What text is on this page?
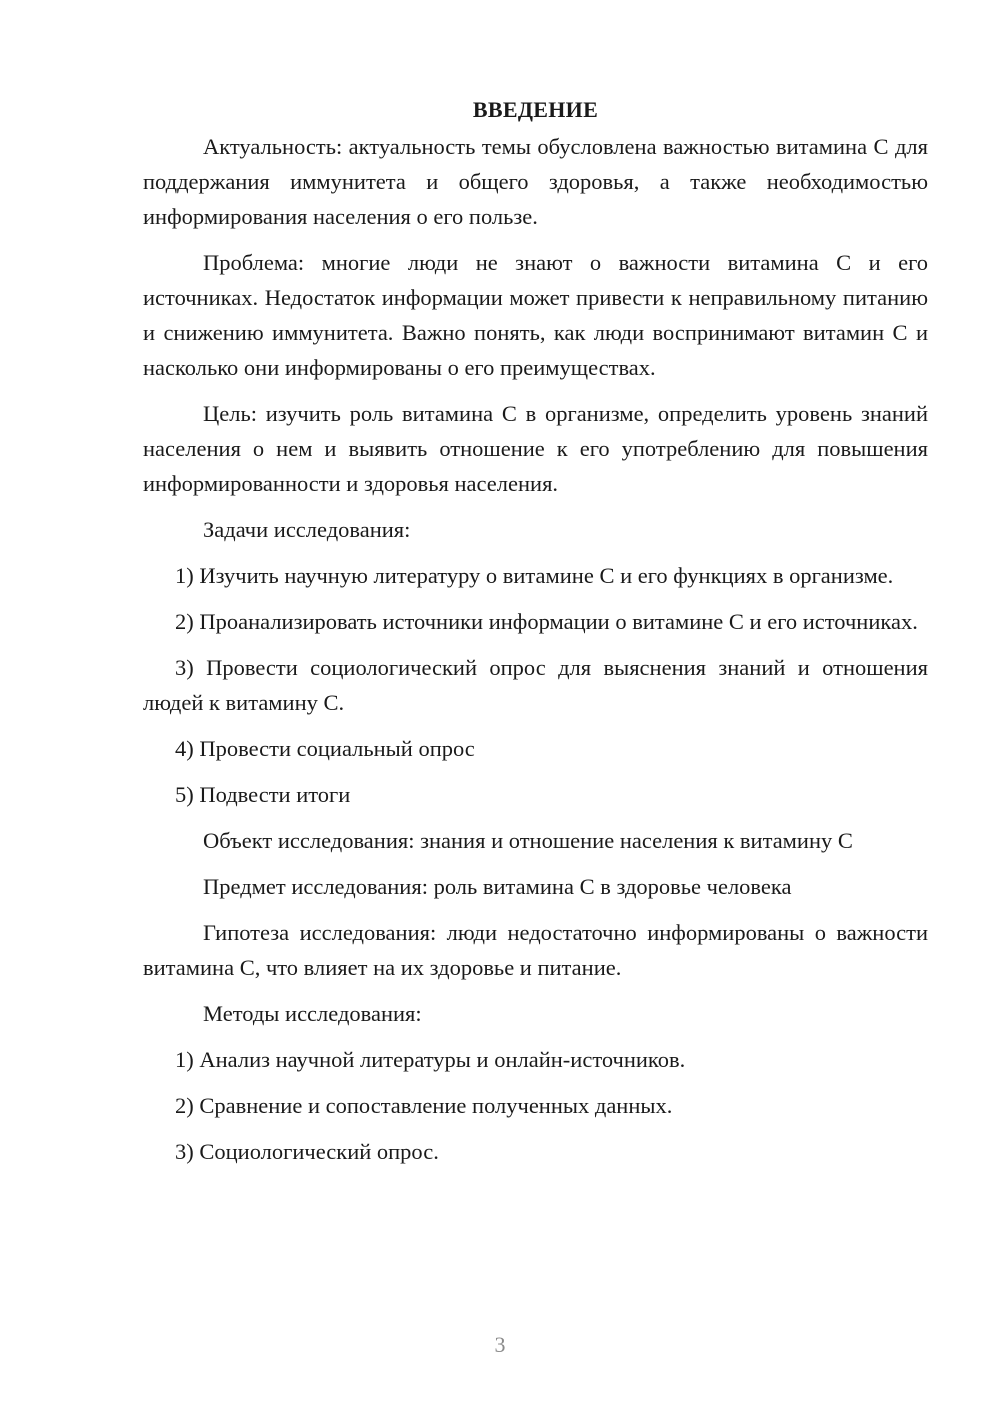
ВВЕДЕНИЕ

Актуальность: актуальность темы обусловлена важностью витамина С для поддержания иммунитета и общего здоровья, а также необходимостью информирования населения о его пользе.

Проблема: многие люди не знают о важности витамина С и его источниках. Недостаток информации может привести к неправильному питанию и снижению иммунитета. Важно понять, как люди воспринимают витамин С и насколько они информированы о его преимуществах.

Цель: изучить роль витамина С в организме, определить уровень знаний населения о нем и выявить отношение к его употреблению для повышения информированности и здоровья населения.

Задачи исследования:

1) Изучить научную литературу о витамине С и его функциях в организме.

2) Проанализировать источники информации о витамине С и его источниках.

3) Провести социологический опрос для выяснения знаний и отношения людей к витамину С.

4) Провести социальный опрос

5) Подвести итоги

Объект исследования: знания и отношение населения к витамину С

Предмет исследования: роль витамина С в здоровье человека

Гипотеза исследования: люди недостаточно информированы о важности витамина С, что влияет на их здоровье и питание.

Методы исследования:

1) Анализ научной литературы и онлайн-источников.

2) Сравнение и сопоставление полученных данных.

3) Социологический опрос.

3
